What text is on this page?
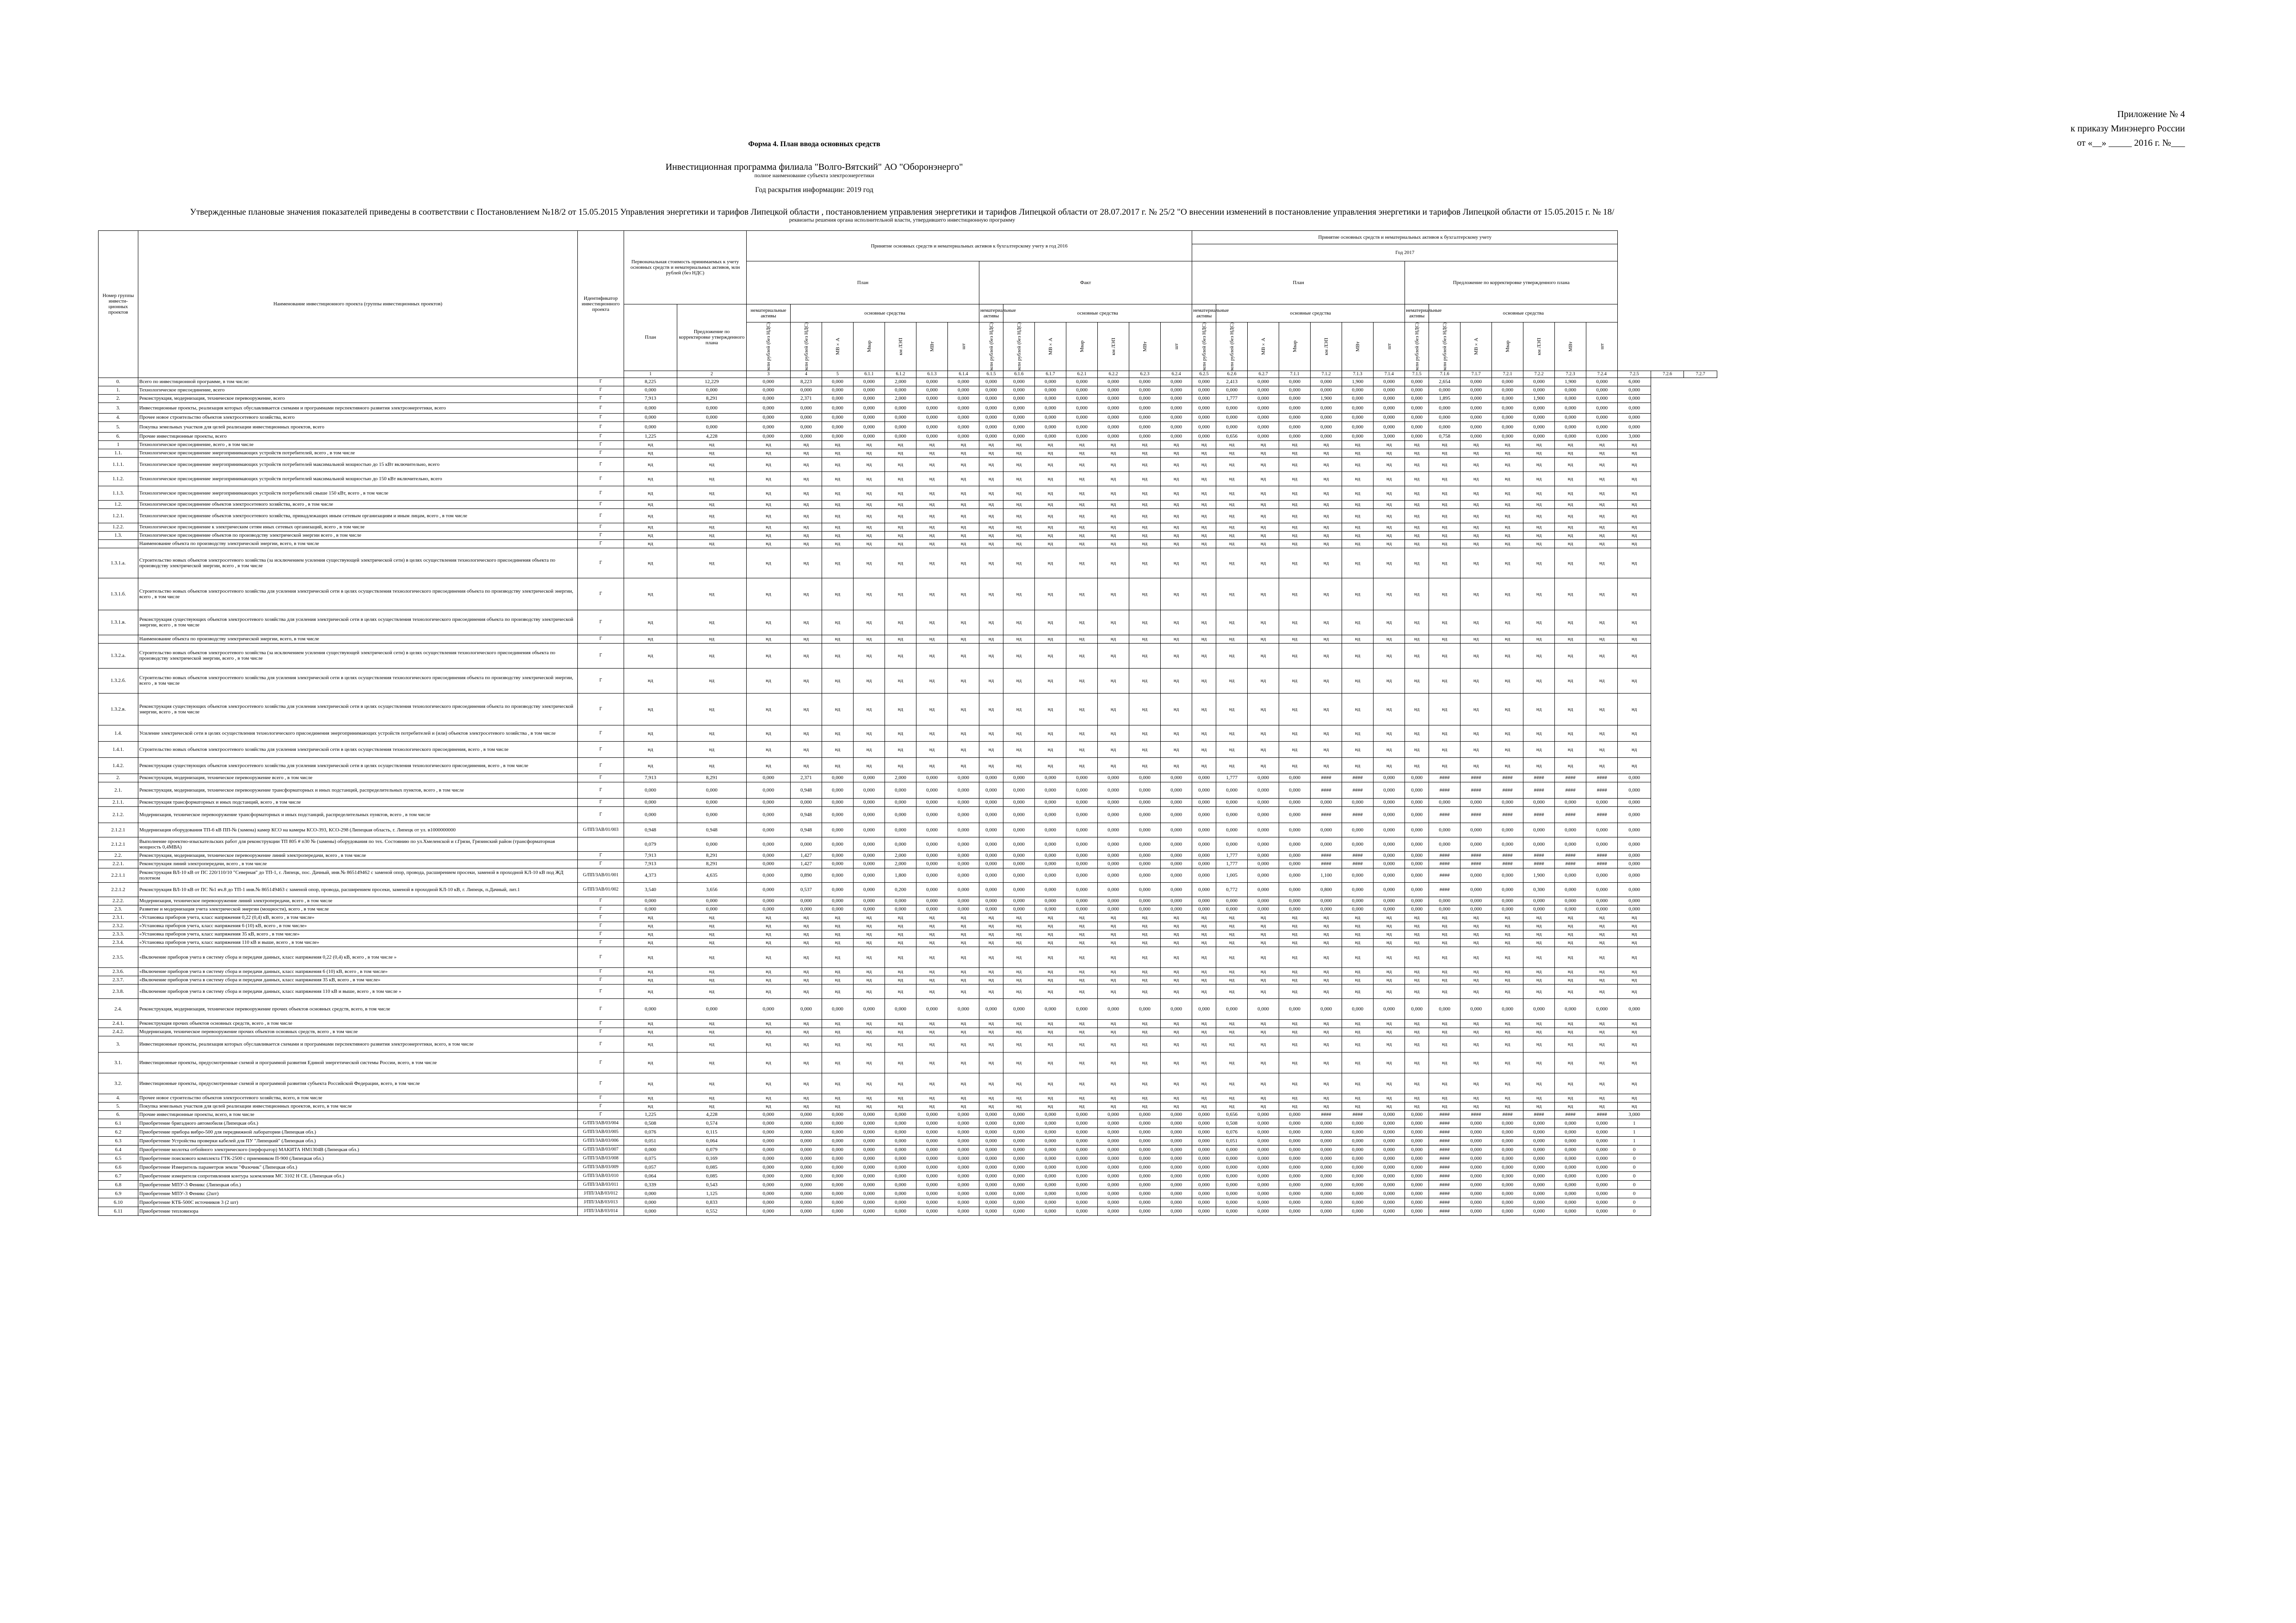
Приложение № 4
к приказу Минэнерго России
от «__» _____ 2016 г. №___
Форма 4. План ввода основных средств
Инвестиционная программа филиала "Волго-Вятский" АО "Оборонэнерго"
полное наименование субъекта электроэнергетики
Год раскрытия информации: 2019 год
Утвержденные плановые значения показателей приведены в соответствии с Постановлением №18/2 от 15.05.2015 Управления энергетики и тарифов Липецкой области , постановлением управления энергетики и тарифов Липецкой области от 28.07.2017 г. № 25/2 "О внесении изменений в постановление управления энергетики и тарифов Липецкой области от 15.05.2015 г. № 18/
реквизиты решения органа исполнительной власти, утвердившего инвестиционную программу
Номер группы инвести-ционных проектов	Наименование инвестиционного проекта (группы инвестиционных проектов)	Идентификатор инвестиционного проекта	Первоначальная стоимость принимаемых к учету основных средств и нематериальных активов, млн рублей (без НДС)		Принятие основных средств и нематериальных активов к бухгалтерскому учету в год 2016														Принятие основных средств и нематериальных активов к бухгалтерскому учету																
																			Год 2017																
					План							Факт							План							Предложение по корректировке утвержденного плана									
			План	Предложение по корректировке утвержденного плана	нематериальные активы	основные средства						нематериальные активы	основные средства						нематериальные активы	основные средства						нематериальные активы	основные средства								

					млн рублей (без НДС)	млн рублей (без НДС)	МВ×А	Мвар	км ЛЭП	МВт	шт	млн рублей (без НДС)	млн рублей (без НДС)	МВ×А	Мвар	км ЛЭП	МВт	шт	млн рублей (без НДС)	млн рублей (без НДС)	МВ×А	Мвар	км ЛЭП	МВт	шт	млн рублей (без НДС)	млн рублей (без НДС)	МВ×А	Мвар	км ЛЭП	МВт	шт			

			1	2	3	4	5	6.1.1	6.1.2	6.1.3	6.1.4	6.1.5	6.1.6	6.1.7	6.2.1	6.2.2	6.2.3	6.2.4	6.2.5	6.2.6	6.2.7	7.1.1	7.1.2	7.1.3	7.1.4	7.1.5	7.1.6	7.1.7	7.2.1	7.2.2	7.2.3	7.2.4	7.2.5	7.2.6	7.2.7
0.	Всего по инвестиционной программе, в том числе:	Г	8,225	12,229	0,000	8,223	0,000	0,000	2,000	0,000	0,000	0,000	0,000	0,000	0,000	0,000	0,000	0,000	0,000	2,413	0,000	0,000	0,000	1,900	0,000	0,000	2,654	0,000	0,000	0,000	1,900	0,000	6,000		
1.	Технологическое присоединение, всего	Г	0,000	0,000	0,000	0,000	0,000	0,000	0,000	0,000	0,000	0,000	0,000	0,000	0,000	0,000	0,000	0,000	0,000	0,000	0,000	0,000	0,000	0,000	0,000	0,000	0,000	0,000	0,000	0,000	0,000	0,000	0,000		
2.	Реконструкция, модернизация, техническое перевооружение, всего	Г	7,913	8,291	0,000	2,371	0,000	0,000	2,000	0,000	0,000	0,000	0,000	0,000	0,000	0,000	0,000	0,000	0,000	1,777	0,000	0,000	1,900	0,000	0,000	0,000	1,895	0,000	0,000	1,900	0,000	0,000	0,000		
3.	Инвестиционные проекты, реализация которых обуславливается схемами и программами перспективного развития электроэнергетики, всего	Г	0,000	0,000	0,000	0,000	0,000	0,000	0,000	0,000	0,000	0,000	0,000	0,000	0,000	0,000	0,000	0,000	0,000	0,000	0,000	0,000	0,000	0,000	0,000	0,000	0,000	0,000	0,000	0,000	0,000	0,000	0,000		
4.	Прочее новое строительство объектов электросетевого хозяйства, всего	Г	0,000	0,000	0,000	0,000	0,000	0,000	0,000	0,000	0,000	0,000	0,000	0,000	0,000	0,000	0,000	0,000	0,000	0,000	0,000	0,000	0,000	0,000	0,000	0,000	0,000	0,000	0,000	0,000	0,000	0,000	0,000		
5.	Покупка земельных участков для целей реализации инвестиционных проектов, всего	Г	0,000	0,000	0,000	0,000	0,000	0,000	0,000	0,000	0,000	0,000	0,000	0,000	0,000	0,000	0,000	0,000	0,000	0,000	0,000	0,000	0,000	0,000	0,000	0,000	0,000	0,000	0,000	0,000	0,000	0,000	0,000		
6.	Прочие инвестиционные проекты, всего	Г	1,225	4,228	0,000	0,000	0,000	0,000	0,000	0,000	0,000	0,000	0,000	0,000	0,000	0,000	0,000	0,000	0,000	0,656	0,000	0,000	0,000	0,000	3,000	0,000	0,758	0,000	0,000	0,000	0,000	0,000	3,000		
1	Технологическое присоединение, всего , в том числе	Г	нд	нд	нд	нд	нд	нд	нд	нд	нд	нд	нд	нд	нд	нд	нд	нд	нд	нд	нд	нд	нд	нд	нд	нд	нд	нд	нд	нд	нд	нд	нд		
1.1.	Технологическое присоединение энергопринимающих устройств потребителей, всего , в том числе	Г	нд	нд	нд	нд	нд	нд	нд	нд	нд	нд	нд	нд	нд	нд	нд	нд	нд	нд	нд	нд	нд	нд	нд	нд	нд	нд	нд	нд	нд	нд	нд		
1.1.1.	Технологическое присоединение энергопринимающих устройств потребителей максимальной мощностью до 15 кВт включительно, всего	Г	нд	нд	нд	нд	нд	нд	нд	нд	нд	нд	нд	нд	нд	нд	нд	нд	нд	нд	нд	нд	нд	нд	нд	нд	нд	нд	нд	нд	нд	нд	нд		
1.1.2.	Технологическое присоединение энергопринимающих устройств потребителей максимальной мощностью до 150 кВт включительно, всего	Г	нд	нд	нд	нд	нд	нд	нд	нд	нд	нд	нд	нд	нд	нд	нд	нд	нд	нд	нд	нд	нд	нд	нд	нд	нд	нд	нд	нд	нд	нд	нд		
1.1.3.	Технологическое присоединение энергопринимающих устройств потребителей свыше 150 кВт, всего , в том числе	Г	нд	нд	нд	нд	нд	нд	нд	нд	нд	нд	нд	нд	нд	нд	нд	нд	нд	нд	нд	нд	нд	нд	нд	нд	нд	нд	нд	нд	нд	нд	нд		
1.2.	Технологическое присоединение объектов электросетевого хозяйства, всего , в том числе	Г	нд	нд	нд	нд	нд	нд	нд	нд	нд	нд	нд	нд	нд	нд	нд	нд	нд	нд	нд	нд	нд	нд	нд	нд	нд	нд	нд	нд	нд	нд	нд		
1.2.1.	Технологическое присоединение объектов электросетевого хозяйства, принадлежащих иным сетевым организациям и иным лицам, всего , в том числе	Г	нд	нд	нд	нд	нд	нд	нд	нд	нд	нд	нд	нд	нд	нд	нд	нд	нд	нд	нд	нд	нд	нд	нд	нд	нд	нд	нд	нд	нд	нд	нд		
1.2.2.	Технологическое присоединение к электрическим сетям иных сетевых организаций, всего , в том числе	Г	нд	нд	нд	нд	нд	нд	нд	нд	нд	нд	нд	нд	нд	нд	нд	нд	нд	нд	нд	нд	нд	нд	нд	нд	нд	нд	нд	нд	нд	нд	нд		
1.3.	Технологическое присоединение объектов по производству электрической энергии всего , в том числе	Г	нд	нд	нд	нд	нд	нд	нд	нд	нд	нд	нд	нд	нд	нд	нд	нд	нд	нд	нд	нд	нд	нд	нд	нд	нд	нд	нд	нд	нд	нд	нд		
	Наименование объекта по производству электрической энергии, всего, в том числе	Г	нд	нд	нд	нд	нд	нд	нд	нд	нд	нд	нд	нд	нд	нд	нд	нд	нд	нд	нд	нд	нд	нд	нд	нд	нд	нд	нд	нд	нд	нд	нд		
1.3.1.а.	Строительство новых объектов электросетевого хозяйства (за исключением усиления существующей электрической сети) в целях осуществления технологического присоединения объекта по производству электрической энергии, всего , в том числе	Г	нд	нд	нд	нд	нд	нд	нд	нд	нд	нд	нд	нд	нд	нд	нд	нд	нд	нд	нд	нд	нд	нд	нд	нд	нд	нд	нд	нд	нд	нд	нд		
1.3.1.б.	Строительство новых объектов электросетевого хозяйства для усиления электрической сети в целях осуществления технологического присоединения объекта по производству электрической энергии, всего , в том числе	Г	нд	нд	нд	нд	нд	нд	нд	нд	нд	нд	нд	нд	нд	нд	нд	нд	нд	нд	нд	нд	нд	нд	нд	нд	нд	нд	нд	нд	нд	нд	нд		
1.3.1.в.	Реконструкция существующих объектов электросетевого хозяйства для усиления электрической сети в целях осуществления технологического присоединения объекта по производству электрической энергии, всего , в том числе	Г	нд	нд	нд	нд	нд	нд	нд	нд	нд	нд	нд	нд	нд	нд	нд	нд	нд	нд	нд	нд	нд	нд	нд	нд	нд	нд	нд	нд	нд	нд	нд		
	Наименование объекта по производству электрической энергии, всего, в том числе	Г	нд	нд	нд	нд	нд	нд	нд	нд	нд	нд	нд	нд	нд	нд	нд	нд	нд	нд	нд	нд	нд	нд	нд	нд	нд	нд	нд	нд	нд	нд	нд		
1.3.2.а.	Строительство новых объектов электросетевого хозяйства (за исключением усиления существующей электрической сети) в целях осуществления технологического присоединения объекта по производству электрической энергии, всего , в том числе	Г	нд	нд	нд	нд	нд	нд	нд	нд	нд	нд	нд	нд	нд	нд	нд	нд	нд	нд	нд	нд	нд	нд	нд	нд	нд	нд	нд	нд	нд	нд	нд		
1.3.2.б.	Строительство новых объектов электросетевого хозяйства для усиления электрической сети в целях осуществления технологического присоединения объекта по производству электрической энергии, всего , в том числе	Г	нд	нд	нд	нд	нд	нд	нд	нд	нд	нд	нд	нд	нд	нд	нд	нд	нд	нд	нд	нд	нд	нд	нд	нд	нд	нд	нд	нд	нд	нд	нд		
1.3.2.в.	Реконструкция существующих объектов электросетевого хозяйства для усиления электрической сети в целях осуществления технологического присоединения объекта по производству электрической энергии, всего , в том числе	Г	нд	нд	нд	нд	нд	нд	нд	нд	нд	нд	нд	нд	нд	нд	нд	нд	нд	нд	нд	нд	нд	нд	нд	нд	нд	нд	нд	нд	нд	нд	нд		
1.4.	Усиление электрической сети в целях осуществления технологического присоединения энергопринимающих устройств потребителей и (или) объектов электросетевого хозяйства , в том числе	Г	нд	нд	нд	нд	нд	нд	нд	нд	нд	нд	нд	нд	нд	нд	нд	нд	нд	нд	нд	нд	нд	нд	нд	нд	нд	нд	нд	нд	нд	нд	нд		
1.4.1.	Строительство новых объектов электросетевого хозяйства для усиления электрической сети в целях осуществления технологического присоединения, всего , в том числе	Г	нд	нд	нд	нд	нд	нд	нд	нд	нд	нд	нд	нд	нд	нд	нд	нд	нд	нд	нд	нд	нд	нд	нд	нд	нд	нд	нд	нд	нд	нд	нд		
1.4.2.	Реконструкция существующих объектов электросетевого хозяйства для усиления электрической сети в целях осуществления технологического присоединения, всего , в том числе	Г	нд	нд	нд	нд	нд	нд	нд	нд	нд	нд	нд	нд	нд	нд	нд	нд	нд	нд	нд	нд	нд	нд	нд	нд	нд	нд	нд	нд	нд	нд	нд		
2.	Реконструкция, модернизация, техническое перевооружение всего , в том числе	Г	7,913	8,291	0,000	2,371	0,000	0,000	2,000	0,000	0,000	0,000	0,000	0,000	0,000	0,000	0,000	0,000	0,000	1,777	0,000	0,000	####	####	0,000	0,000	####	####	####	####	####	####	0,000		
2.1.	Реконструкция, модернизация, техническое перевооружение трансформаторных и иных подстанций, распределительных пунктов, всего , в том числе	Г	0,000	0,000	0,000	0,948	0,000	0,000	0,000	0,000	0,000	0,000	0,000	0,000	0,000	0,000	0,000	0,000	0,000	0,000	0,000	0,000	####	####	0,000	0,000	####	####	####	####	####	####	0,000		
2.1.1.	Реконструкция трансформаторных и иных подстанций, всего , в том числе	Г	0,000	0,000	0,000	0,000	0,000	0,000	0,000	0,000	0,000	0,000	0,000	0,000	0,000	0,000	0,000	0,000	0,000	0,000	0,000	0,000	0,000	0,000	0,000	0,000	0,000	0,000	0,000	0,000	0,000	0,000	0,000		
2.1.2.	Модернизация, техническое перевооружение трансформаторных и иных подстанций, распределительных пунктов, всего , в том числе	Г	0,000	0,000	0,000	0,948	0,000	0,000	0,000	0,000	0,000	0,000	0,000	0,000	0,000	0,000	0,000	0,000	0,000	0,000	0,000	0,000	####	####	0,000	0,000	####	####	####	####	####	####	0,000		
2.1.2.1	Модернизация оборудования ТП-6 кВ ПП-№ (замена) камер КСО на камеры КСО-393, КСО-298 (Липецкая область, г. Липецк от ул. в1000000000	G/ПП/ЗАВ/01/003	0,948	0,948	0,000	0,948	0,000	0,000	0,000	0,000	0,000	0,000	0,000	0,000	0,000	0,000	0,000	0,000	0,000	0,000	0,000	0,000	0,000	0,000	0,000	0,000	0,000	0,000	0,000	0,000	0,000	0,000	0,000		
2.1.2.1	Выполнение проектно-изыскательских работ для реконструкции ТП 805 # п30 № (замены) оборудования по тех. Состоянию по ул.Хмеленской и г.Грязи, Грязинский район (трансформаторная мощность 0,4МВА)		0,079	0,000	0,000	0,000	0,000	0,000	0,000	0,000	0,000	0,000	0,000	0,000	0,000	0,000	0,000	0,000	0,000	0,000	0,000	0,000	0,000	0,000	0,000	0,000	0,000	0,000	0,000	0,000	0,000	0,000	0,000		
2.2.	Реконструкция, модернизация, техническое перевооружение линий электропередачи, всего , в том числе	Г	7,913	8,291	0,000	1,427	0,000	0,000	2,000	0,000	0,000	0,000	0,000	0,000	0,000	0,000	0,000	0,000	0,000	1,777	0,000	0,000	####	####	0,000	0,000	####	####	####	####	####	####	0,000		
2.2.1.	Реконструкция линий электропередачи, всего , в том числе	Г	7,913	8,291	0,000	1,427	0,000	0,000	2,000	0,000	0,000	0,000	0,000	0,000	0,000	0,000	0,000	0,000	0,000	1,777	0,000	0,000	####	####	0,000	0,000	####	####	####	####	####	####	0,000		
2.2.1.1	Реконструкция ВЛ-10 кВ от ПС 220/110/10 "Северная" до ТП-1, г. Липецк, пос. Дачный, инв.№ 865149462 с заменой опор, провода, расширением просеки, заменой в проходной КЛ-10 кВ под ЖД полотном	G/ПП/ЗАВ/01/001	4,373	4,635	0,000	0,890	0,000	0,000	1,800	0,000	0,000	0,000	0,000	0,000	0,000	0,000	0,000	0,000	0,000	1,005	0,000	0,000	1,100	0,000	0,000	0,000	####	0,000	0,000	1,900	0,000	0,000	0,000		
2.2.1.2	Реконструкция ВЛ-10 кВ от ПС №1 яч.8 до ТП-1 инв.№ 865149463 с заменой опор, провода, расширением просеки, заменой в проходной КЛ-10 кВ, г. Липецк, п.Дачный, лит.1	G/ПП/ЗАВ/01/002	3,540	3,656	0,000	0,537	0,000	0,000	0,200	0,000	0,000	0,000	0,000	0,000	0,000	0,000	0,000	0,000	0,000	0,772	0,000	0,000	0,800	0,000	0,000	0,000	####	0,000	0,000	0,300	0,000	0,000	0,000		
2.2.2.	Модернизация, техническое перевооружение линий электропередачи, всего , в том числе	Г	0,000	0,000	0,000	0,000	0,000	0,000	0,000	0,000	0,000	0,000	0,000	0,000	0,000	0,000	0,000	0,000	0,000	0,000	0,000	0,000	0,000	0,000	0,000	0,000	0,000	0,000	0,000	0,000	0,000	0,000	0,000		
2.3.	Развитие и модернизация учета электрической энергии (мощности), всего , в том числе	Г	0,000	0,000	0,000	0,000	0,000	0,000	0,000	0,000	0,000	0,000	0,000	0,000	0,000	0,000	0,000	0,000	0,000	0,000	0,000	0,000	0,000	0,000	0,000	0,000	0,000	0,000	0,000	0,000	0,000	0,000	0,000		
2.3.1.	«Установка приборов учета, класс напряжения 0,22 (0,4) кВ, всего , в том числе»	Г	нд	нд	нд	нд	нд	нд	нд	нд	нд	нд	нд	нд	нд	нд	нд	нд	нд	нд	нд	нд	нд	нд	нд	нд	нд	нд	нд	нд	нд	нд	нд		
2.3.2.	«Установка приборов учета, класс напряжения 6 (10) кВ, всего , в том числе»	Г	нд	нд	нд	нд	нд	нд	нд	нд	нд	нд	нд	нд	нд	нд	нд	нд	нд	нд	нд	нд	нд	нд	нд	нд	нд	нд	нд	нд	нд	нд	нд		
2.3.3.	«Установка приборов учета, класс напряжения 35 кВ, всего , в том числе»	Г	нд	нд	нд	нд	нд	нд	нд	нд	нд	нд	нд	нд	нд	нд	нд	нд	нд	нд	нд	нд	нд	нд	нд	нд	нд	нд	нд	нд	нд	нд	нд		
2.3.4.	«Установка приборов учета, класс напряжения 110 кВ и выше, всего , в том числе»	Г	нд	нд	нд	нд	нд	нд	нд	нд	нд	нд	нд	нд	нд	нд	нд	нд	нд	нд	нд	нд	нд	нд	нд	нд	нд	нд	нд	нд	нд	нд	нд		
2.3.5.	«Включение приборов учета в систему сбора и передачи данных, класс напряжения 0,22 (0,4) кВ, всего , в том числе »	Г	нд	нд	нд	нд	нд	нд	нд	нд	нд	нд	нд	нд	нд	нд	нд	нд	нд	нд	нд	нд	нд	нд	нд	нд	нд	нд	нд	нд	нд	нд	нд		
2.3.6.	«Включение приборов учета в систему сбора и передачи данных, класс напряжения 6 (10) кВ, всего , в том числе»	Г	нд	нд	нд	нд	нд	нд	нд	нд	нд	нд	нд	нд	нд	нд	нд	нд	нд	нд	нд	нд	нд	нд	нд	нд	нд	нд	нд	нд	нд	нд	нд		
2.3.7.	«Включение приборов учета в систему сбора и передачи данных, класс напряжения 35 кВ, всего , в том числе»	Г	нд	нд	нд	нд	нд	нд	нд	нд	нд	нд	нд	нд	нд	нд	нд	нд	нд	нд	нд	нд	нд	нд	нд	нд	нд	нд	нд	нд	нд	нд	нд		
2.3.8.	«Включение приборов учета в систему сбора и передачи данных, класс напряжения 110 кВ и выше, всего , в том числе »	Г	нд	нд	нд	нд	нд	нд	нд	нд	нд	нд	нд	нд	нд	нд	нд	нд	нд	нд	нд	нд	нд	нд	нд	нд	нд	нд	нд	нд	нд	нд	нд		
2.4.	Реконструкция, модернизация, техническое перевооружение прочих объектов основных средств, всего, в том числе	Г	0,000	0,000	0,000	0,000	0,000	0,000	0,000	0,000	0,000	0,000	0,000	0,000	0,000	0,000	0,000	0,000	0,000	0,000	0,000	0,000	0,000	0,000	0,000	0,000	0,000	0,000	0,000	0,000	0,000	0,000	0,000		
2.4.1.	Реконструкция прочих объектов основных средств, всего , в том числе	Г	нд	нд	нд	нд	нд	нд	нд	нд	нд	нд	нд	нд	нд	нд	нд	нд	нд	нд	нд	нд	нд	нд	нд	нд	нд	нд	нд	нд	нд	нд	нд		
2.4.2.	Модернизация, техническое перевооружение прочих объектов основных средств, всего , в том числе	Г	нд	нд	нд	нд	нд	нд	нд	нд	нд	нд	нд	нд	нд	нд	нд	нд	нд	нд	нд	нд	нд	нд	нд	нд	нд	нд	нд	нд	нд	нд	нд		
3.	Инвестиционные проекты, реализация которых обуславливается схемами и программами перспективного развития электроэнергетики, всего, в том числе	Г	нд	нд	нд	нд	нд	нд	нд	нд	нд	нд	нд	нд	нд	нд	нд	нд	нд	нд	нд	нд	нд	нд	нд	нд	нд	нд	нд	нд	нд	нд	нд		
3.1.	Инвестиционные проекты, предусмотренные схемой и программой развития Единой энергетической системы России, всего, в том числе	Г	нд	нд	нд	нд	нд	нд	нд	нд	нд	нд	нд	нд	нд	нд	нд	нд	нд	нд	нд	нд	нд	нд	нд	нд	нд	нд	нд	нд	нд	нд	нд		
3.2.	Инвестиционные проекты, предусмотренные схемой и программой развития субъекта Российской Федерации, всего, в том числе	Г	нд	нд	нд	нд	нд	нд	нд	нд	нд	нд	нд	нд	нд	нд	нд	нд	нд	нд	нд	нд	нд	нд	нд	нд	нд	нд	нд	нд	нд	нд	нд		
4.	Прочее новое строительство объектов электросетевого хозяйства, всего, в том числе	Г	нд	нд	нд	нд	нд	нд	нд	нд	нд	нд	нд	нд	нд	нд	нд	нд	нд	нд	нд	нд	нд	нд	нд	нд	нд	нд	нд	нд	нд	нд	нд		
5.	Покупка земельных участков для целей реализации инвестиционных проектов, всего, в том числе	Г	нд	нд	нд	нд	нд	нд	нд	нд	нд	нд	нд	нд	нд	нд	нд	нд	нд	нд	нд	нд	нд	нд	нд	нд	нд	нд	нд	нд	нд	нд	нд		
6.	Прочие инвестиционные проекты, всего, в том числе	Г	1,225	4,228	0,000	0,000	0,000	0,000	0,000	0,000	0,000	0,000	0,000	0,000	0,000	0,000	0,000	0,000	0,000	0,656	0,000	0,000	####	####	0,000	0,000	####	####	####	####	####	####	3,000		
6.1	Приобретение бригадного автомобиля (Липецкая обл.)	G/ПП/ЗАВ/03/004	0,508	0,574	0,000	0,000	0,000	0,000	0,000	0,000	0,000	0,000	0,000	0,000	0,000	0,000	0,000	0,000	0,000	0,508	0,000	0,000	0,000	0,000	0,000	0,000	####	0,000	0,000	0,000	0,000	0,000	1		
6.2	Приобретение прибора вибро-500 для передвижной лаборатории (Липецкая обл.)	G/ПП/ЗАВ/03/005	0,076	0,115	0,000	0,000	0,000	0,000	0,000	0,000	0,000	0,000	0,000	0,000	0,000	0,000	0,000	0,000	0,000	0,076	0,000	0,000	0,000	0,000	0,000	0,000	####	0,000	0,000	0,000	0,000	0,000	1		
6.3	Приобретение Устройства проверки кабелей для ПУ "Липецкий" (Липецкая обл.)	G/ПП/ЗАВ/03/006	0,051	0,064	0,000	0,000	0,000	0,000	0,000	0,000	0,000	0,000	0,000	0,000	0,000	0,000	0,000	0,000	0,000	0,051	0,000	0,000	0,000	0,000	0,000	0,000	####	0,000	0,000	0,000	0,000	0,000	1		
6.4	Приобретение молотка отбойного электрического (перфоратор) МАКИТА НМ1304В (Липецкая обл.)	G/ПП/ЗАВ/03/007	0,000	0,079	0,000	0,000	0,000	0,000	0,000	0,000	0,000	0,000	0,000	0,000	0,000	0,000	0,000	0,000	0,000	0,000	0,000	0,000	0,000	0,000	0,000	0,000	####	0,000	0,000	0,000	0,000	0,000	0		
6.5	Приобретение поискового комплекта ГТК-2500 с приемником П-900 (Липецкая обл.)	G/ПП/ЗАВ/03/008	0,075	0,169	0,000	0,000	0,000	0,000	0,000	0,000	0,000	0,000	0,000	0,000	0,000	0,000	0,000	0,000	0,000	0,000	0,000	0,000	0,000	0,000	0,000	0,000	####	0,000	0,000	0,000	0,000	0,000	0		
6.6	Приобретение Измеритель параметров земли "Фазочик" (Липецкая обл.)	G/ПП/ЗАВ/03/009	0,057	0,085	0,000	0,000	0,000	0,000	0,000	0,000	0,000	0,000	0,000	0,000	0,000	0,000	0,000	0,000	0,000	0,000	0,000	0,000	0,000	0,000	0,000	0,000	####	0,000	0,000	0,000	0,000	0,000	0		
6.7	Приобретение измерителя сопротивления контура заземления МС 3102 Н СЕ. (Липецкая обл.)	G/ПП/ЗАВ/03/010	0,064	0,085	0,000	0,000	0,000	0,000	0,000	0,000	0,000	0,000	0,000	0,000	0,000	0,000	0,000	0,000	0,000	0,000	0,000	0,000	0,000	0,000	0,000	0,000	####	0,000	0,000	0,000	0,000	0,000	0		
6.8	Приобретение МПУ-3 Феникс (Липецкая обл.)	G/ПП/ЗАВ/03/011	0,339	0,543	0,000	0,000	0,000	0,000	0,000	0,000	0,000	0,000	0,000	0,000	0,000	0,000	0,000	0,000	0,000	0,000	0,000	0,000	0,000	0,000	0,000	0,000	####	0,000	0,000	0,000	0,000	0,000	0		
6.9	Приобретение МПУ-3 Феникс (2шт)	J/ПП/ЗАВ/03/012	0,000	1,125	0,000	0,000	0,000	0,000	0,000	0,000	0,000	0,000	0,000	0,000	0,000	0,000	0,000	0,000	0,000	0,000	0,000	0,000	0,000	0,000	0,000	0,000	####	0,000	0,000	0,000	0,000	0,000	0		
6.10	Приобретение КТБ-500С источников 3 (2 шт)	J/ПП/ЗАВ/03/013	0,000	0,833	0,000	0,000	0,000	0,000	0,000	0,000	0,000	0,000	0,000	0,000	0,000	0,000	0,000	0,000	0,000	0,000	0,000	0,000	0,000	0,000	0,000	0,000	####	0,000	0,000	0,000	0,000	0,000	0		
6.11	Приобретение тепловизора	J/ПП/ЗАВ/03/014	0,000	0,552	0,000	0,000	0,000	0,000	0,000	0,000	0,000	0,000	0,000	0,000	0,000	0,000	0,000	0,000	0,000	0,000	0,000	0,000	0,000	0,000	0,000	0,000	####	0,000	0,000	0,000	0,000	0,000	0		
